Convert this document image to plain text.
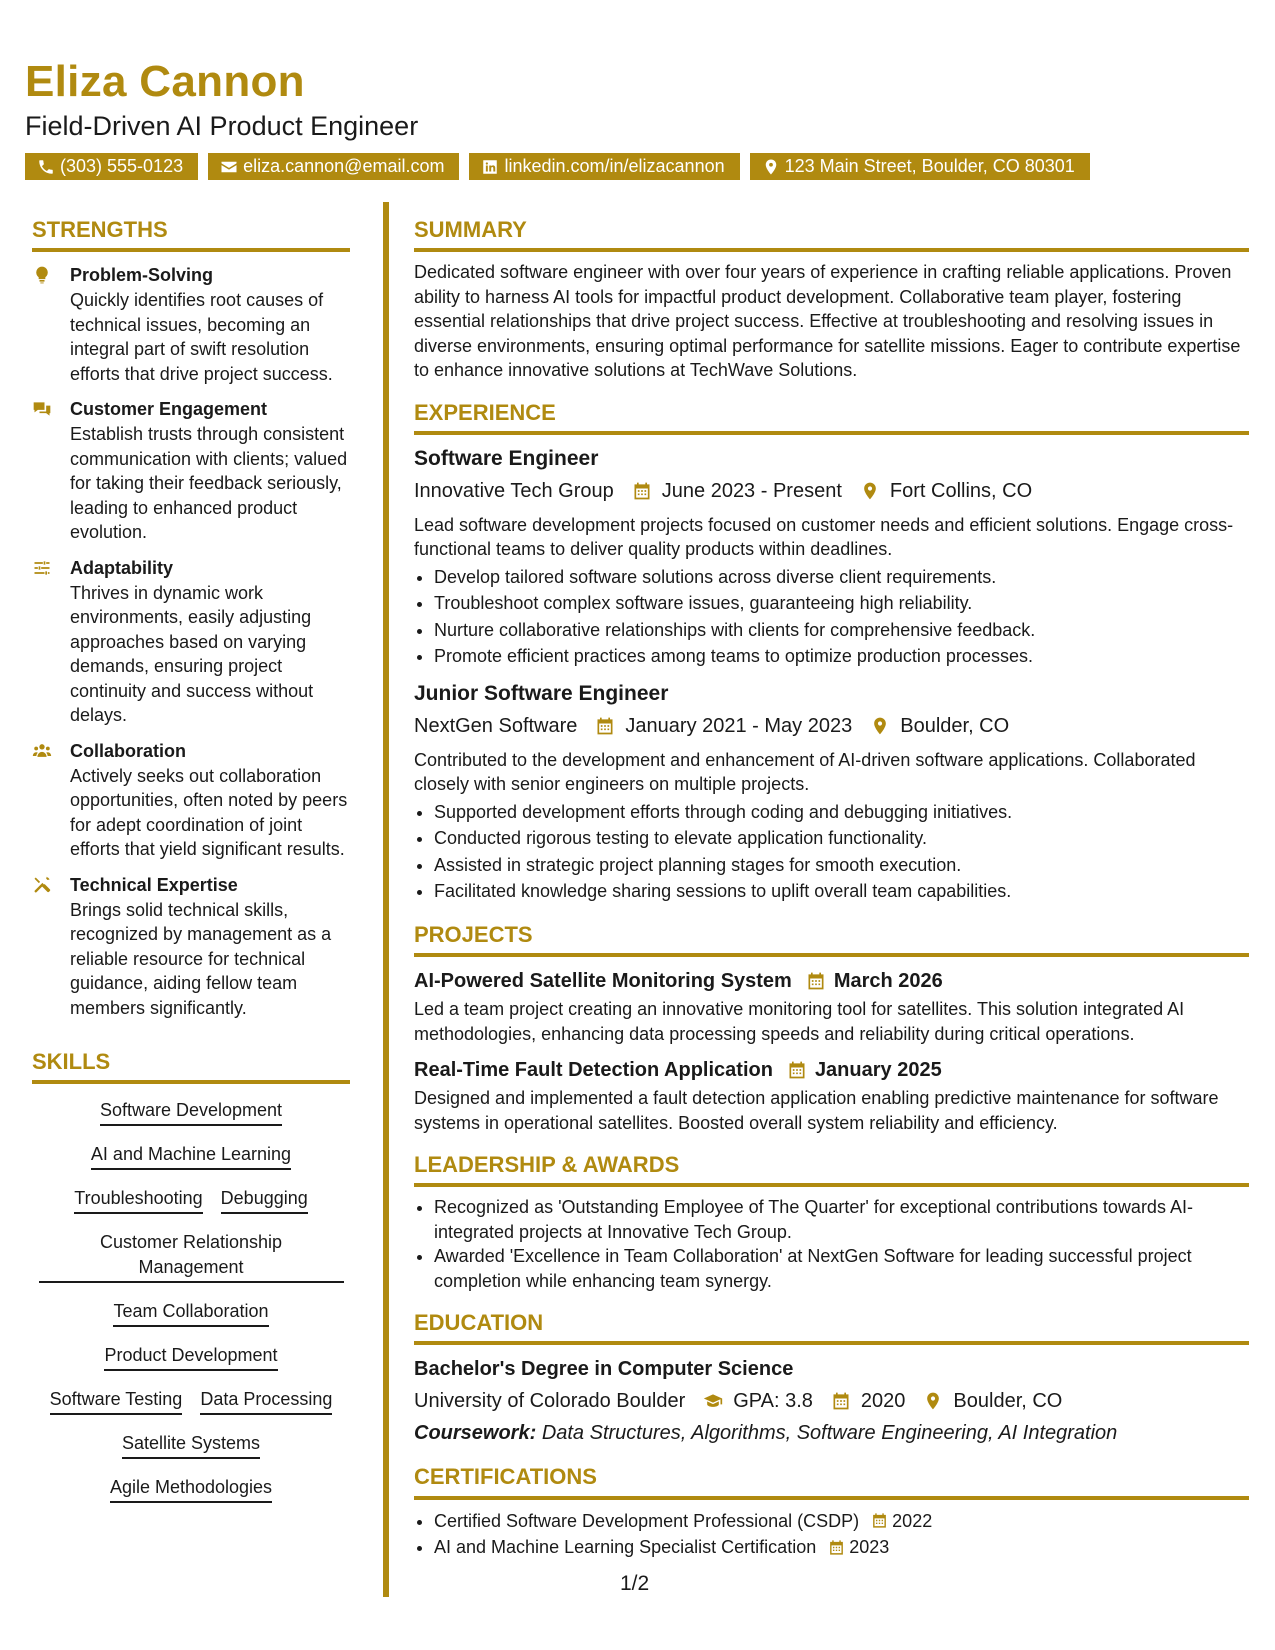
Eliza Cannon
Field-Driven AI Product Engineer
(303) 555-0123	eliza.cannon@email.com	linkedin.com/in/elizacannon	123 Main Street, Boulder, CO 80301
STRENGTHS
Problem-Solving
Quickly identifies root causes of technical issues, becoming an integral part of swift resolution efforts that drive project success.
Customer Engagement
Establish trusts through consistent communication with clients; valued for taking their feedback seriously, leading to enhanced product evolution.
Adaptability
Thrives in dynamic work environments, easily adjusting approaches based on varying demands, ensuring project continuity and success without delays.
Collaboration
Actively seeks out collaboration opportunities, often noted by peers for adept coordination of joint efforts that yield significant results.
Technical Expertise
Brings solid technical skills, recognized by management as a reliable resource for technical guidance, aiding fellow team members significantly.
SKILLS
Software Development
AI and Machine Learning
Troubleshooting Debugging
Customer Relationship Management
Team Collaboration
Product Development
Software Testing Data Processing
Satellite Systems
Agile Methodologies
SUMMARY
Dedicated software engineer with over four years of experience in crafting reliable applications. Proven ability to harness AI tools for impactful product development. Collaborative team player, fostering essential relationships that drive project success. Effective at troubleshooting and resolving issues in diverse environments, ensuring optimal performance for satellite missions. Eager to contribute expertise to enhance innovative solutions at TechWave Solutions.
EXPERIENCE
Software Engineer
Innovative Tech Group June 2023 - Present Fort Collins, CO
Lead software development projects focused on customer needs and efficient solutions. Engage cross-functional teams to deliver quality products within deadlines.
• Develop tailored software solutions across diverse client requirements.
• Troubleshoot complex software issues, guaranteeing high reliability.
• Nurture collaborative relationships with clients for comprehensive feedback.
• Promote efficient practices among teams to optimize production processes.
Junior Software Engineer
NextGen Software January 2021 - May 2023 Boulder, CO
Contributed to the development and enhancement of AI-driven software applications. Collaborated closely with senior engineers on multiple projects.
• Supported development efforts through coding and debugging initiatives.
• Conducted rigorous testing to elevate application functionality.
• Assisted in strategic project planning stages for smooth execution.
• Facilitated knowledge sharing sessions to uplift overall team capabilities.
PROJECTS
AI-Powered Satellite Monitoring System March 2026
Led a team project creating an innovative monitoring tool for satellites. This solution integrated AI methodologies, enhancing data processing speeds and reliability during critical operations.
Real-Time Fault Detection Application January 2025
Designed and implemented a fault detection application enabling predictive maintenance for software systems in operational satellites. Boosted overall system reliability and efficiency.
LEADERSHIP & AWARDS
• Recognized as 'Outstanding Employee of The Quarter' for exceptional contributions towards AI-integrated projects at Innovative Tech Group.
• Awarded 'Excellence in Team Collaboration' at NextGen Software for leading successful project completion while enhancing team synergy.
EDUCATION
Bachelor's Degree in Computer Science
University of Colorado Boulder GPA: 3.8 2020 Boulder, CO
Coursework: Data Structures, Algorithms, Software Engineering, AI Integration
CERTIFICATIONS
• Certified Software Development Professional (CSDP) 2022
• AI and Machine Learning Specialist Certification 2023
1/2
